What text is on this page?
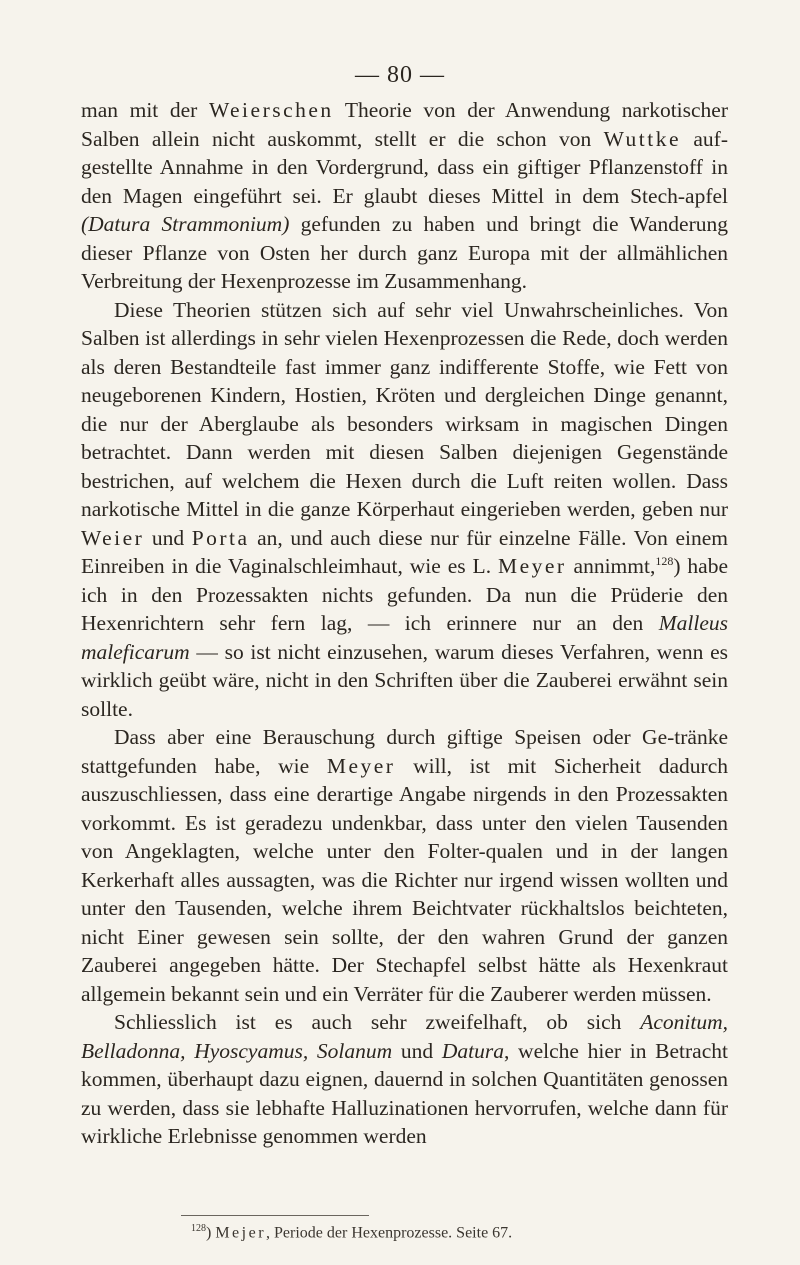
— 80 —

man mit der Weierschen Theorie von der Anwendung narkotischer Salben allein nicht auskommt, stellt er die schon von Wuttke auf-gestellte Annahme in den Vordergrund, dass ein giftiger Pflanzenstoff in den Magen eingeführt sei. Er glaubt dieses Mittel in dem Stech-apfel (Datura Strammonium) gefunden zu haben und bringt die Wanderung dieser Pflanze von Osten her durch ganz Europa mit der allmählichen Verbreitung der Hexenprozesse im Zusammenhang.

Diese Theorien stützen sich auf sehr viel Unwahrscheinliches. Von Salben ist allerdings in sehr vielen Hexenprozessen die Rede, doch werden als deren Bestandteile fast immer ganz indifferente Stoffe, wie Fett von neugeborenen Kindern, Hostien, Kröten und dergleichen Dinge genannt, die nur der Aberglaube als besonders wirksam in magischen Dingen betrachtet. Dann werden mit diesen Salben diejenigen Gegenstände bestrichen, auf welchem die Hexen durch die Luft reiten wollen. Dass narkotische Mittel in die ganze Körperhaut eingerieben werden, geben nur Weier und Porta an, und auch diese nur für einzelne Fälle. Von einem Einreiben in die Vaginalschleimhaut, wie es L. Meyer annimmt,$^{128}$) habe ich in den Prozessakten nichts gefunden. Da nun die Prüderie den Hexenrichtern sehr fern lag, — ich erinnere nur an den Malleus maleficarum — so ist nicht einzusehen, warum dieses Verfahren, wenn es wirklich geübt wäre, nicht in den Schriften über die Zauberei erwähnt sein sollte.

Dass aber eine Berauschung durch giftige Speisen oder Ge-tränke stattgefunden habe, wie Meyer will, ist mit Sicherheit dadurch auszuschliessen, dass eine derartige Angabe nirgends in den Prozessakten vorkommt. Es ist geradezu undenkbar, dass unter den vielen Tausenden von Angeklagten, welche unter den Folter-qualen und in der langen Kerkerhaft alles aussagten, was die Richter nur irgend wissen wollten und unter den Tausenden, welche ihrem Beichtvater rückhaltslos beichteten, nicht Einer gewesen sein sollte, der den wahren Grund der ganzen Zauberei angegeben hätte. Der Stechapfel selbst hätte als Hexenkraut allgemein bekannt sein und ein Verräter für die Zauberer werden müssen.

Schliesslich ist es auch sehr zweifelhaft, ob sich Aconitum, Belladonna, Hyoscyamus, Solanum und Datura, welche hier in Betracht kommen, überhaupt dazu eignen, dauernd in solchen Quantitäten genossen zu werden, dass sie lebhafte Halluzinationen hervorrufen, welche dann für wirkliche Erlebnisse genommen werden

$^{128}$) Mejer, Periode der Hexenprozesse. Seite 67.
